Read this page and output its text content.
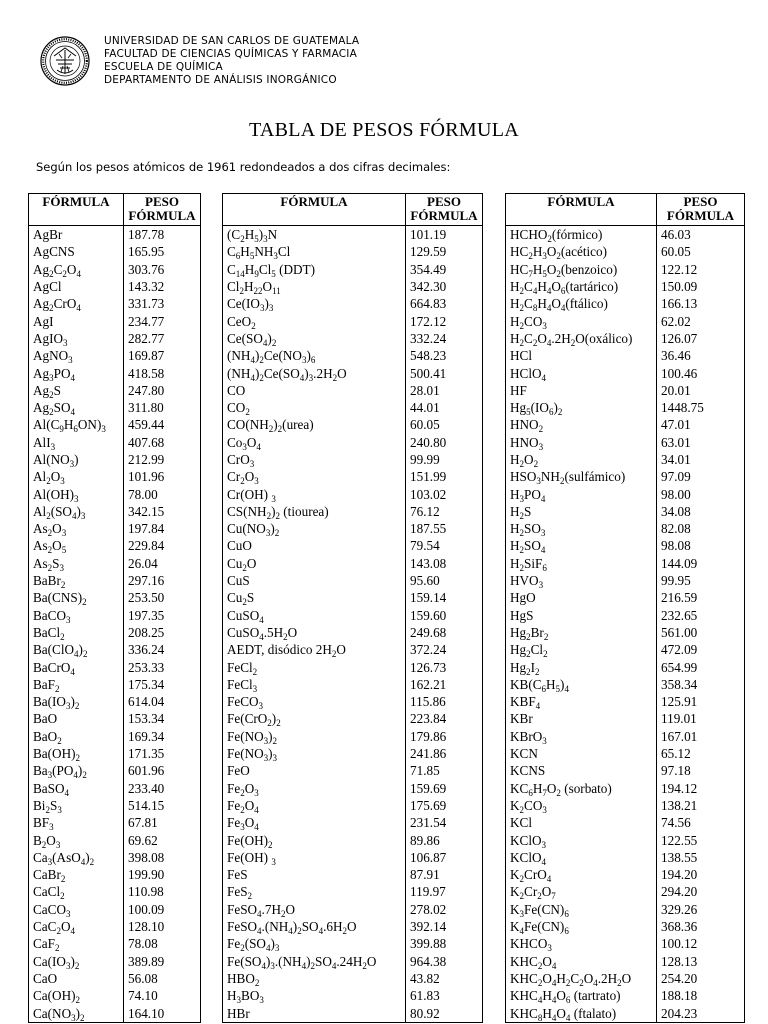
UNIVERSIDAD DE SAN CARLOS DE GUATEMALA
FACULTAD DE CIENCIAS QUÍMICAS Y FARMACIA
ESCUELA DE QUÍMICA
DEPARTAMENTO DE ANÁLISIS INORGÁNICO
TABLA DE PESOS FÓRMULA
Según los pesos atómicos de 1961 redondeados a dos cifras decimales:
FÓRMULA	PESO
FÓRMULA
AgBr	187.78
AgCNS	165.95
$Ag_2C_2O_4$	303.76
AgCl	143.32
$Ag_2CrO_4$	331.73
AgI	234.77
AgIO$_3$	282.77
AgNO$_3$	169.87
$Ag_3PO_4$	418.58
$Ag_2S$	247.80
$Ag_2SO_4$	311.80
$Al(C_9H_6ON)_3$	459.44
AlI$_3$	407.68
$Al(NO_3)$	212.99
$Al_2O_3$	101.96
$Al(OH)_3$	78.00
$Al_2(SO_4)_3$	342.15
$As_2O_3$	197.84
$As_2O_5$	229.84
$As_2S_3$	26.04
BaBr$_2$	297.16
$Ba(CNS)_2$	253.50
BaCO$_3$	197.35
BaCl$_2$	208.25
$Ba(ClO_4)_2$	336.24
BaCrO$_4$	253.33
BaF$_2$	175.34
$Ba(IO_3)_2$	614.04
BaO	153.34
BaO$_2$	169.34
$Ba(OH)_2$	171.35
$Ba_3(PO_4)_2$	601.96
BaSO$_4$	233.40
$Bi_2S_3$	514.15
$BF_3$	67.81
$B_2O_3$	69.62
$Ca_3(AsO_4)_2$	398.08
CaBr$_2$	199.90
CaCl$_2$	110.98
CaCO$_3$	100.09
$CaC_2O_4$	128.10
CaF$_2$	78.08
$Ca(IO_3)_2$	389.89
CaO	56.08
$Ca(OH)_2$	74.10
$Ca(NO_3)_2$	164.10
FÓRMULA	PESO
FÓRMULA
$(C_2H_5)_3N$	101.19
$C_6H_5NH_3Cl$	129.59
$C_{14}H_9Cl_5$ (DDT)	354.49
$Cl_2H_{22}O_{11}$	342.30
$Ce(IO_3)_3$	664.83
CeO$_2$	172.12
$Ce(SO_4)_2$	332.24
$(NH_4)_2Ce(NO_3)_6$	548.23
$(NH_4)_2Ce(SO_4)_3.2H_2O$	500.41
CO	28.01
$CO_2$	44.01
$CO(NH_2)_2(urea)$	60.05
$Co_3O_4$	240.80
CrO$_3$	99.99
$Cr_2O_3$	151.99
Cr(OH) $_3$	103.02
$CS(NH_2)_2$ (tiourea)	76.12
$Cu(NO_3)_2$	187.55
CuO	79.54
$Cu_2O$	143.08
CuS	95.60
$Cu_2S$	159.14
CuSO$_4$	159.60
$CuSO_4.5H_2O$	249.68
AEDT, disódico $2H_2O$	372.24
FeCl$_2$	126.73
FeCl$_3$	162.21
FeCO$_3$	115.86
$Fe(CrO_2)_2$	223.84
$Fe(NO_3)_2$	179.86
$Fe(NO_3)_3$	241.86
FeO	71.85
$Fe_2O_3$	159.69
$Fe_2O_4$	175.69
$Fe_3O_4$	231.54
$Fe(OH)_2$	89.86
Fe(OH) $_3$	106.87
FeS	87.91
FeS$_2$	119.97
$FeSO_4.7H_2O$	278.02
$FeSO_4.(NH_4)_2SO_4.6H_2O$	392.14
$Fe_2(SO_4)_3$	399.88
$Fe(SO_4)_3.(NH_4)_2SO_4.24H_2O$	964.38
$HBO_2$	43.82
$H_3BO_3$	61.83
HBr	80.92
FÓRMULA	PESO
FÓRMULA
$HCHO_2(fórmico)$	46.03
$HC_2H_3O_2(acético)$	60.05
$HC_7H_5O_2(benzoico)$	122.12
$H_2C_4H_4O_6(tartárico)$	150.09
$H_2C_8H_4O_4(ftálico)$	166.13
$H_2CO_3$	62.02
$H_2C_2O_4.2H_2O(oxálico)$	126.07
HCl	36.46
HClO$_4$	100.46
HF	20.01
$Hg_5(IO_6)_2$	1448.75
$HNO_2$	47.01
$HNO_3$	63.01
$H_2O_2$	34.01
$HSO_3NH_2(sulfámico)$	97.09
$H_3PO_4$	98.00
$H_2S$	34.08
$H_2SO_3$	82.08
$H_2SO_4$	98.08
$H_2SiF_6$	144.09
$HVO_3$	99.95
HgO	216.59
HgS	232.65
$Hg_2Br_2$	561.00
$Hg_2Cl_2$	472.09
$Hg_2I_2$	654.99
$KB(C_6H_5)_4$	358.34
$KBF_4$	125.91
KBr	119.01
KBrO$_3$	167.01
KCN	65.12
KCNS	97.18
$KC_6H_7O_2$ (sorbato)	194.12
$K_2CO_3$	138.21
KCl	74.56
KClO$_3$	122.55
KClO$_4$	138.55
$K_2CrO_4$	194.20
$K_2Cr_2O_7$	294.20
$K_3Fe(CN)_6$	329.26
$K_4Fe(CN)_6$	368.36
$KHCO_3$	100.12
$KHC_2O_4$	128.13
$KHC_2O_4H_2C_2O_4.2H_2O$	254.20
$KHC_4H_4O_6$ (tartrato)	188.18
$KHC_8H_4O_4$ (ftalato)	204.23
